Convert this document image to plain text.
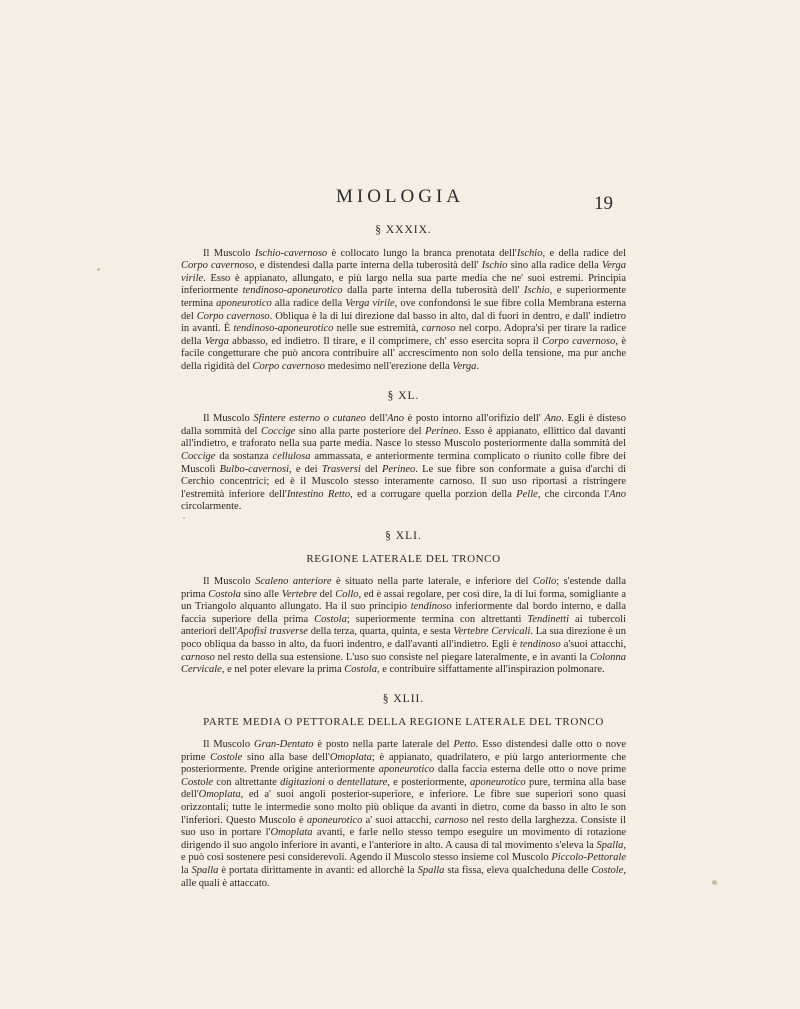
MIOLOGIA	19
§ XXXIX.

Il Muscolo Ischio-cavernoso è collocato lungo la branca prenotata dell'Ischio, e della radice del Corpo cavernoso, e distendesi dalla parte interna della tuberosità dell' Ischio sino alla radice della Verga virile. Esso è appianato, allungato, e più largo nella sua parte media che ne' suoi estremi. Principia inferiormente tendinoso-aponeurotico dalla parte interna della tuberosità dell' Ischio, e superiormente termina aponeurotico alla radice della Verga virile, ove confondonsi le sue fibre colla Membrana esterna del Corpo cavernoso. Obliqua è la di lui direzione dal basso in alto, dal di fuori in dentro, e dall' indietro in avanti. È tendinoso-aponeurotico nelle sue estremità, carnoso nel corpo. Adopra'si per tirare la radice della Verga abbasso, ed indietro. Il tirare, e il comprimere, ch' esso esercita sopra il Corpo cavernoso, è facile congetturare che può ancora contribuire all' accrescimento non solo della tensione, ma pur anche della rigidità del Corpo cavernoso medesimo nell'erezione della Verga.

§ XL.

Il Muscolo Sfintere esterno o cutaneo dell'Ano è posto intorno all'orifizio dell' Ano. Egli è disteso dalla sommità del Coccige sino alla parte posteriore del Perineo. Esso è appianato, ellittico dal davanti all'indietro, e traforato nella sua parte media. Nasce lo stesso Muscolo posteriormente dalla sommità del Coccige da sostanza cellulosa ammassata, e anteriormente termina complicato o riunito colle fibre dei Muscoli Bulbo-cavernosi, e dei Trasversi del Perineo. Le sue fibre son conformate a guisa d'archi di Cerchio concentrici; ed è il Muscolo stesso interamente carnoso. Il suo uso riportasi a ristringere l'estremità inferiore dell'Intestino Retto, ed a corrugare quella porzion della Pelle, che circonda l'Ano circolarmente.

§ XLI.
REGIONE LATERALE DEL TRONCO

Il Muscolo Scaleno anteriore è situato nella parte laterale, e inferiore del Collo; s'estende dalla prima Costola sino alle Vertebre del Collo, ed è assai regolare, per così dire, la di lui forma, somigliante a un Triangolo alquanto allungato. Ha il suo principio tendinoso inferiormente dal bordo interno, e dalla faccia superiore della prima Costola; superiormente termina con altrettanti Tendinetti ai tubercoli anteriori dell'Apofisi trasverse della terza, quarta, quinta, e sesta Vertebre Cervicali. La sua direzione è un poco obliqua da basso in alto, da fuori indentro, e dall'avanti all'indietro. Egli è tendinoso a'suoi attacchi, carnoso nel resto della sua estensione. L'uso suo consiste nel piegare lateralmente, e in avanti la Colonna Cervicale, e nel poter elevare la prima Costola, e contribuire siffattamente all'inspirazion polmonare.

§ XLII.
PARTE MEDIA O PETTORALE DELLA REGIONE LATERALE DEL TRONCO

Il Muscolo Gran-Dentato è posto nella parte laterale del Petto. Esso distendesi dalle otto o nove prime Costole sino alla base dell'Omoplata; è appianato, quadrilatero, e più largo anteriormente che posteriormente. Prende origine anteriormente aponeurotico dalla faccia esterna delle otto o nove prime Costole con altrettante digitazioni o dentellature, e posteriormente, aponeurotico pure, termina alla base dell'Omoplata, ed a' suoi angoli posterior-superiore, e inferiore. Le fibre sue superiori sono quasi orizzontali; tutte le intermedie sono molto più oblique da avanti in dietro, come da basso in alto le son l'inferiori. Questo Muscolo è aponeurotico a' suoi attacchi, carnoso nel resto della larghezza. Consiste il suo uso in portare l'Omoplata avanti, e farle nello stesso tempo eseguire un movimento di rotazione dirigendo il suo angolo inferiore in avanti, e l'anteriore in alto. A causa di tal movimento s'eleva la Spalla, e può così sostenere pesi considerevoli. Agendo il Muscolo stesso insieme col Muscolo Piccolo-Pettorale la Spalla è portata dirittamente in avanti: ed allorchè la Spalla sta fissa, eleva qualcheduna delle Costole, alle quali è attaccato.
